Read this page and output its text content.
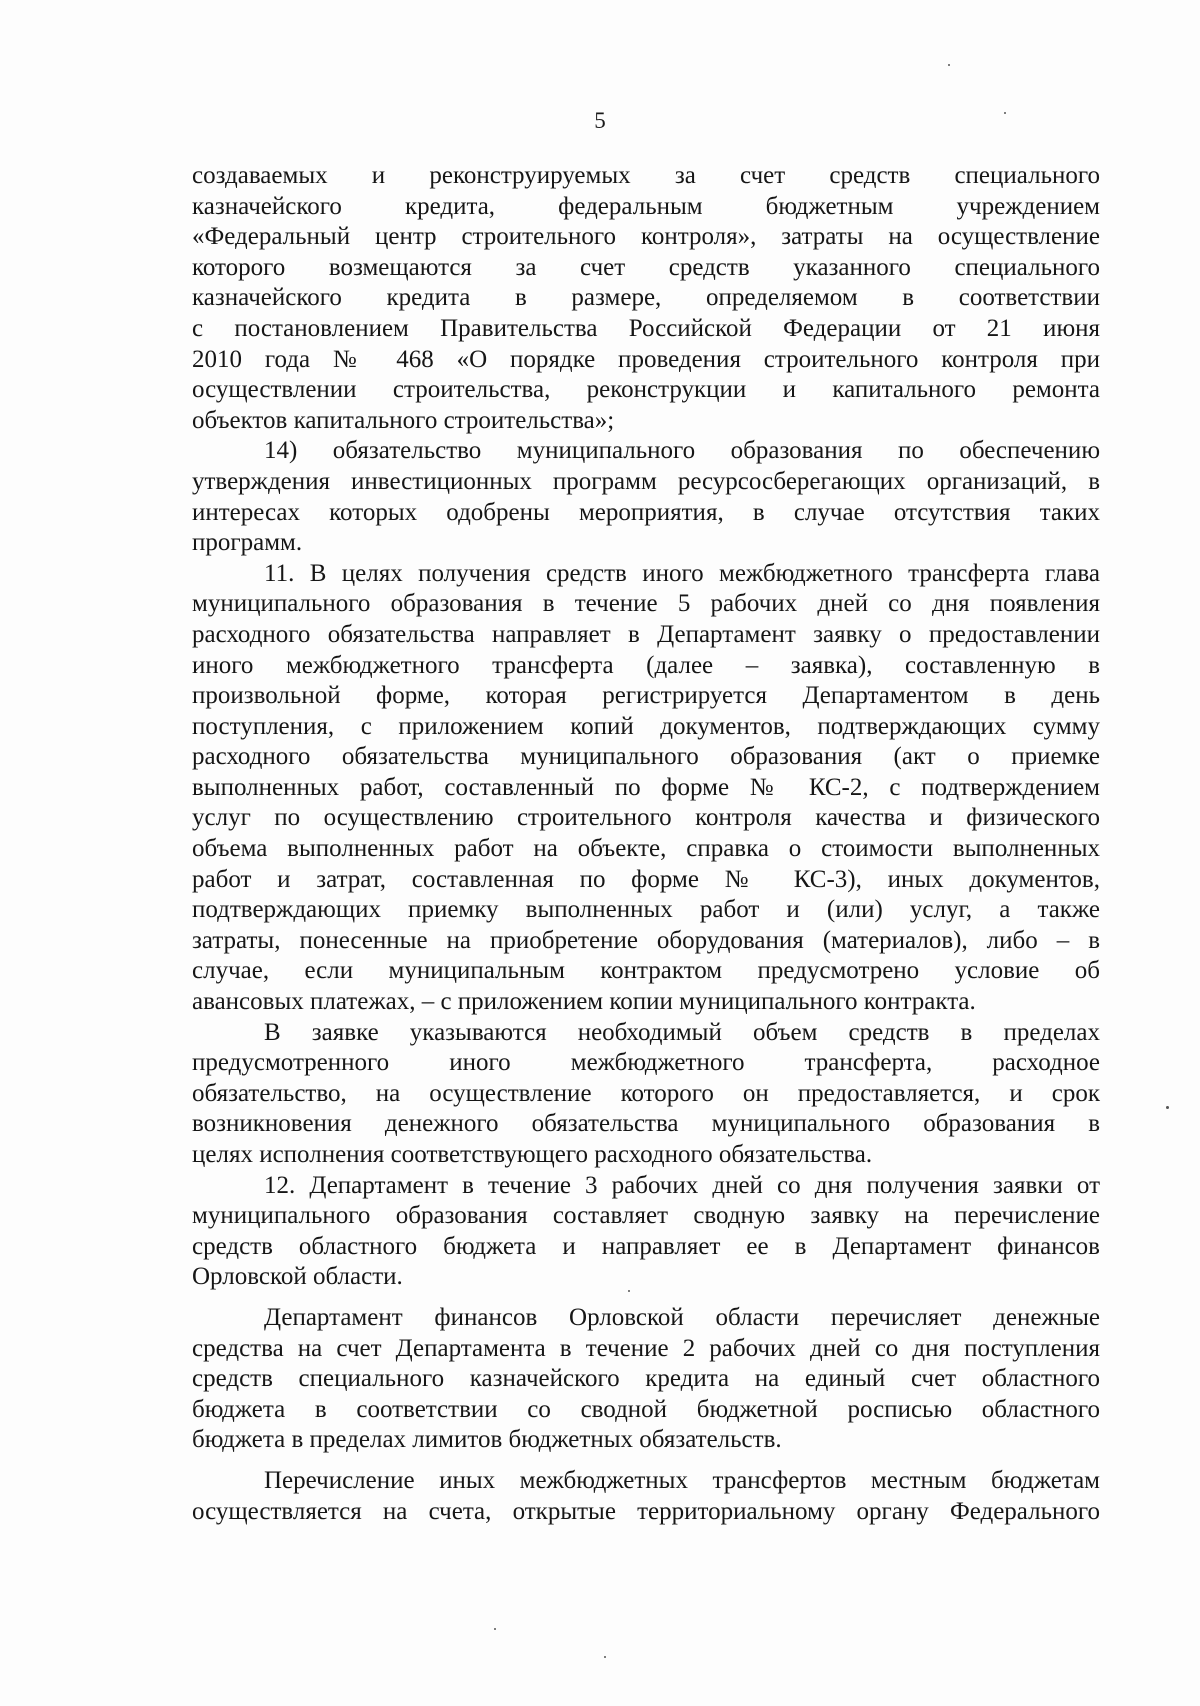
5

создаваемых и реконструируемых за счет средств специального

казначейского кредита, федеральным бюджетным учреждением

«Федеральный центр строительного контроля», затраты на осуществление

которого возмещаются за счет средств указанного специального

казначейского кредита в размере, определяемом в соответствии

с постановлением Правительства Российской Федерации от 21 июня

2010 года № 468 «О порядке проведения строительного контроля при

осуществлении строительства, реконструкции и капитального ремонта

объектов капитального строительства»;

14) обязательство муниципального образования по обеспечению

утверждения инвестиционных программ ресурсосберегающих организаций, в

интересах которых одобрены мероприятия, в случае отсутствия таких

программ.

11. В целях получения средств иного межбюджетного трансферта глава

муниципального образования в течение 5 рабочих дней со дня появления

расходного обязательства направляет в Департамент заявку о предоставлении

иного межбюджетного трансферта (далее – заявка), составленную в

произвольной форме, которая регистрируется Департаментом в день

поступления, с приложением копий документов, подтверждающих сумму

расходного обязательства муниципального образования (акт о приемке

выполненных работ, составленный по форме № КС-2, с подтверждением

услуг по осуществлению строительного контроля качества и физического

объема выполненных работ на объекте, справка о стоимости выполненных

работ и затрат, составленная по форме № КС-3), иных документов,

подтверждающих приемку выполненных работ и (или) услуг, а также

затраты, понесенные на приобретение оборудования (материалов), либо – в

случае, если муниципальным контрактом предусмотрено условие об

авансовых платежах, – с приложением копии муниципального контракта.

В заявке указываются необходимый объем средств в пределах

предусмотренного иного межбюджетного трансферта, расходное

обязательство, на осуществление которого он предоставляется, и срок

возникновения денежного обязательства муниципального образования в

целях исполнения соответствующего расходного обязательства.

12. Департамент в течение 3 рабочих дней со дня получения заявки от

муниципального образования составляет сводную заявку на перечисление

средств областного бюджета и направляет ее в Департамент финансов

Орловской области.

Департамент финансов Орловской области перечисляет денежные

средства на счет Департамента в течение 2 рабочих дней со дня поступления

средств специального казначейского кредита на единый счет областного

бюджета в соответствии со сводной бюджетной росписью областного

бюджета в пределах лимитов бюджетных обязательств.

Перечисление иных межбюджетных трансфертов местным бюджетам

осуществляется на счета, открытые территориальному органу Федерального
